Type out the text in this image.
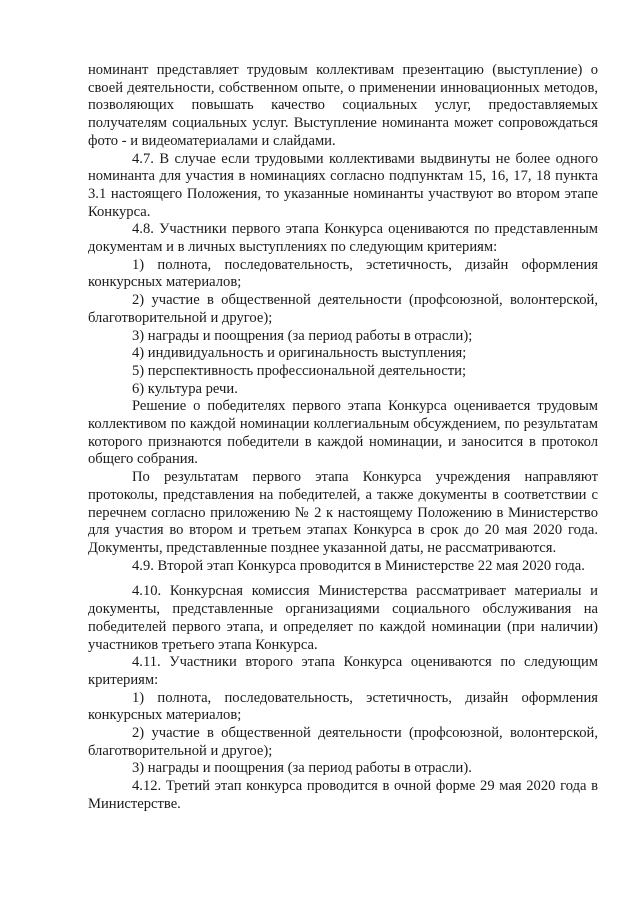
номинант представляет трудовым коллективам презентацию (выступление) о своей деятельности, собственном опыте, о применении инновационных методов, позволяющих повышать качество социальных услуг, предоставляемых получателям социальных услуг. Выступление номинанта может сопровождаться фото - и видеоматериалами и слайдами.

4.7. В случае если трудовыми коллективами выдвинуты не более одного номинанта для участия в номинациях согласно подпунктам 15, 16, 17, 18 пункта 3.1 настоящего Положения, то указанные номинанты участвуют во втором этапе Конкурса.

4.8. Участники первого этапа Конкурса оцениваются по представленным документам и в личных выступлениях по следующим критериям:

1) полнота, последовательность, эстетичность, дизайн оформления конкурсных материалов;

2) участие в общественной деятельности (профсоюзной, волонтерской, благотворительной и другое);

3) награды и поощрения (за период работы в отрасли);

4) индивидуальность и оригинальность выступления;

5) перспективность профессиональной деятельности;

6) культура речи.

Решение о победителях первого этапа Конкурса оценивается трудовым коллективом по каждой номинации коллегиальным обсуждением, по результатам которого признаются победители в каждой номинации, и заносится в протокол общего собрания.

По результатам первого этапа Конкурса учреждения направляют протоколы, представления на победителей, а также документы в соответствии с перечнем согласно приложению № 2 к настоящему Положению в Министерство для участия во втором и третьем этапах Конкурса в срок до 20 мая 2020 года. Документы, представленные позднее указанной даты, не рассматриваются.

4.9. Второй этап Конкурса проводится в Министерстве 22 мая 2020 года.

4.10. Конкурсная комиссия Министерства рассматривает материалы и документы, представленные организациями социального обслуживания на победителей первого этапа, и определяет по каждой номинации (при наличии) участников третьего этапа Конкурса.

4.11. Участники второго этапа Конкурса оцениваются по следующим критериям:

1) полнота, последовательность, эстетичность, дизайн оформления конкурсных материалов;

2) участие в общественной деятельности (профсоюзной, волонтерской, благотворительной и другое);

3) награды и поощрения (за период работы в отрасли).

4.12. Третий этап конкурса проводится в очной форме 29 мая 2020 года в Министерстве.
